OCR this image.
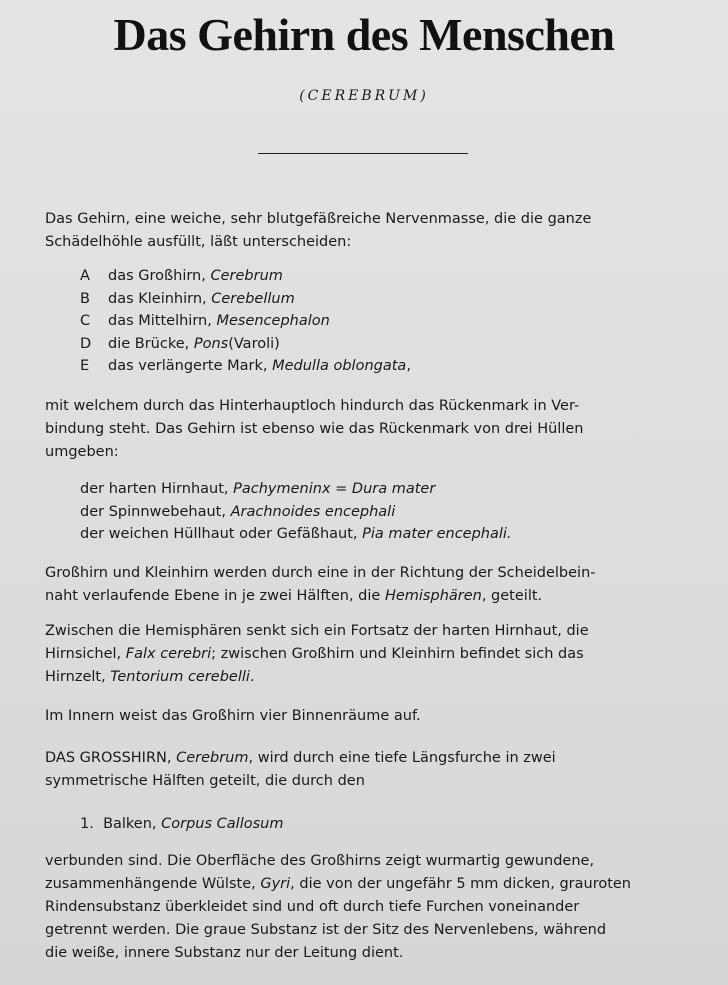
Das Gehirn des Menschen
(CEREBRUM)

Das Gehirn, eine weiche, sehr blutgefäßreiche Nervenmasse, die die ganze

Schädelhöhle ausfüllt, läßt unterscheiden:

A	das Großhirn,
Cerebrum
B	das Kleinhirn,
Cerebellum
C	das Mittelhirn,
Mesencephalon
D	die Brücke,
Pons (Varoli)
E	das verlängerte Mark,
Medulla oblongata ,

mit welchem durch das Hinterhauptloch hindurch das Rückenmark in Ver-

bindung steht. Das Gehirn ist ebenso wie das Rückenmark von drei Hüllen

umgeben:

der harten Hirnhaut, Pachymeninx = Dura mater
der Spinnwebehaut, Arachnoides encephali
der weichen Hüllhaut oder Gefäßhaut, Pia mater encephali.

Großhirn und Kleinhirn werden durch eine in der Richtung der Scheidelbein-

naht verlaufende Ebene in je zwei Hälften, die Hemisphären, geteilt.

Zwischen die Hemisphären senkt sich ein Fortsatz der harten Hirnhaut, die

Hirnsichel, Falx cerebri; zwischen Großhirn und Kleinhirn befindet sich das

Hirnzelt, Tentorium cerebelli.

Im Innern weist das Großhirn vier Binnenräume auf.

DAS GROSSHIRN, Cerebrum, wird durch eine tiefe Längsfurche in zwei

symmetrische Hälften geteilt, die durch den

1. Balken, Corpus Callosum

verbunden sind. Die Oberfläche des Großhirns zeigt wurmartig gewundene,

zusammenhängende Wülste, Gyri, die von der ungefähr 5 mm dicken, grauroten

Rindensubstanz überkleidet sind und oft durch tiefe Furchen voneinander

getrennt werden. Die graue Substanz ist der Sitz des Nervenlebens, während

die weiße, innere Substanz nur der Leitung dient.
